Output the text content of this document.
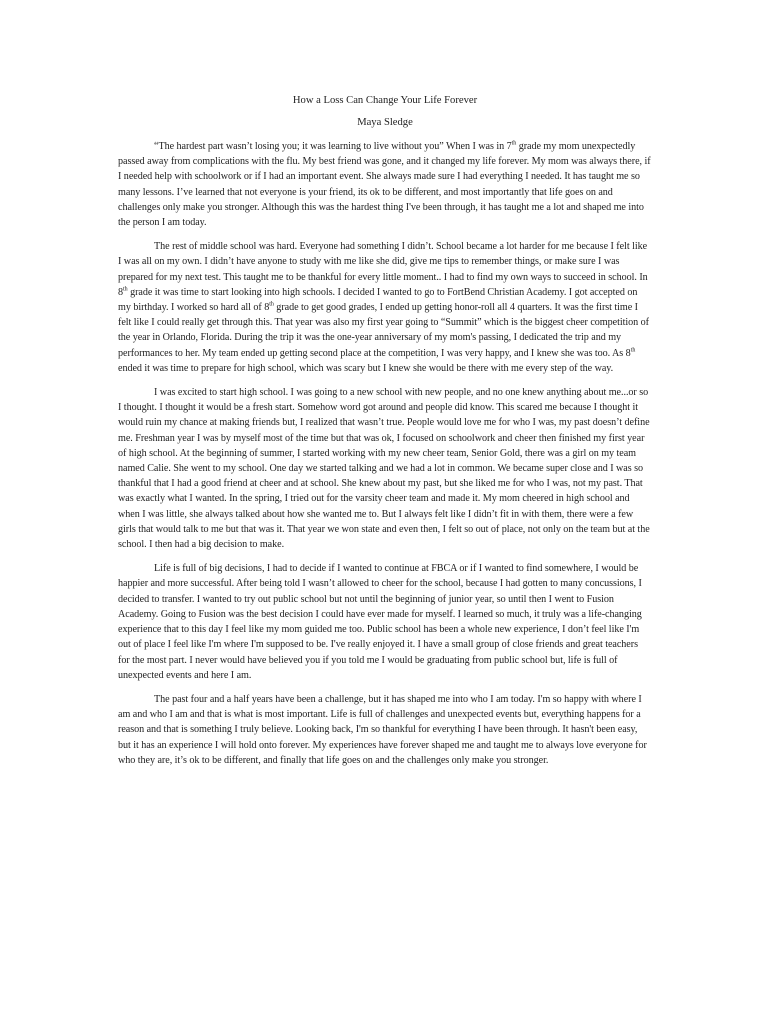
How a Loss Can Change Your Life Forever
Maya Sledge

“The hardest part wasn’t losing you; it was learning to live without you” When I was in 7th grade my mom unexpectedly passed away from complications with the flu. My best friend was gone, and it changed my life forever. My mom was always there, if I needed help with schoolwork or if I had an important event. She always made sure I had everything I needed. It has taught me so many lessons. I’ve learned that not everyone is your friend, its ok to be different, and most importantly that life goes on and challenges only make you stronger. Although this was the hardest thing I've been through, it has taught me a lot and shaped me into the person I am today.

The rest of middle school was hard. Everyone had something I didn’t. School became a lot harder for me because I felt like I was all on my own. I didn’t have anyone to study with me like she did, give me tips to remember things, or make sure I was prepared for my next test. This taught me to be thankful for every little moment.. I had to find my own ways to succeed in school. In 8th grade it was time to start looking into high schools. I decided I wanted to go to FortBend Christian Academy. I got accepted on my birthday. I worked so hard all of 8th grade to get good grades, I ended up getting honor-roll all 4 quarters. It was the first time I felt like I could really get through this. That year was also my first year going to “Summit” which is the biggest cheer competition of the year in Orlando, Florida. During the trip it was the one-year anniversary of my mom's passing, I dedicated the trip and my performances to her. My team ended up getting second place at the competition, I was very happy, and I knew she was too. As 8th ended it was time to prepare for high school, which was scary but I knew she would be there with me every step of the way.

I was excited to start high school. I was going to a new school with new people, and no one knew anything about me...or so I thought. I thought it would be a fresh start. Somehow word got around and people did know. This scared me because I thought it would ruin my chance at making friends but, I realized that wasn’t true. People would love me for who I was, my past doesn’t define me. Freshman year I was by myself most of the time but that was ok, I focused on schoolwork and cheer then finished my first year of high school. At the beginning of summer, I started working with my new cheer team, Senior Gold, there was a girl on my team named Calie. She went to my school. One day we started talking and we had a lot in common. We became super close and I was so thankful that I had a good friend at cheer and at school. She knew about my past, but she liked me for who I was, not my past. That was exactly what I wanted. In the spring, I tried out for the varsity cheer team and made it. My mom cheered in high school and when I was little, she always talked about how she wanted me to. But I always felt like I didn’t fit in with them, there were a few girls that would talk to me but that was it. That year we won state and even then, I felt so out of place, not only on the team but at the school. I then had a big decision to make.

Life is full of big decisions, I had to decide if I wanted to continue at FBCA or if I wanted to find somewhere, I would be happier and more successful. After being told I wasn’t allowed to cheer for the school, because I had gotten to many concussions, I decided to transfer. I wanted to try out public school but not until the beginning of junior year, so until then I went to Fusion Academy. Going to Fusion was the best decision I could have ever made for myself. I learned so much, it truly was a life-changing experience that to this day I feel like my mom guided me too. Public school has been a whole new experience, I don’t feel like I'm out of place I feel like I'm where I'm supposed to be. I've really enjoyed it. I have a small group of close friends and great teachers for the most part. I never would have believed you if you told me I would be graduating from public school but, life is full of unexpected events and here I am.

The past four and a half years have been a challenge, but it has shaped me into who I am today. I'm so happy with where I am and who I am and that is what is most important. Life is full of challenges and unexpected events but, everything happens for a reason and that is something I truly believe. Looking back, I'm so thankful for everything I have been through. It hasn't been easy, but it has an experience I will hold onto forever. My experiences have forever shaped me and taught me to always love everyone for who they are, it’s ok to be different, and finally that life goes on and the challenges only make you stronger.
